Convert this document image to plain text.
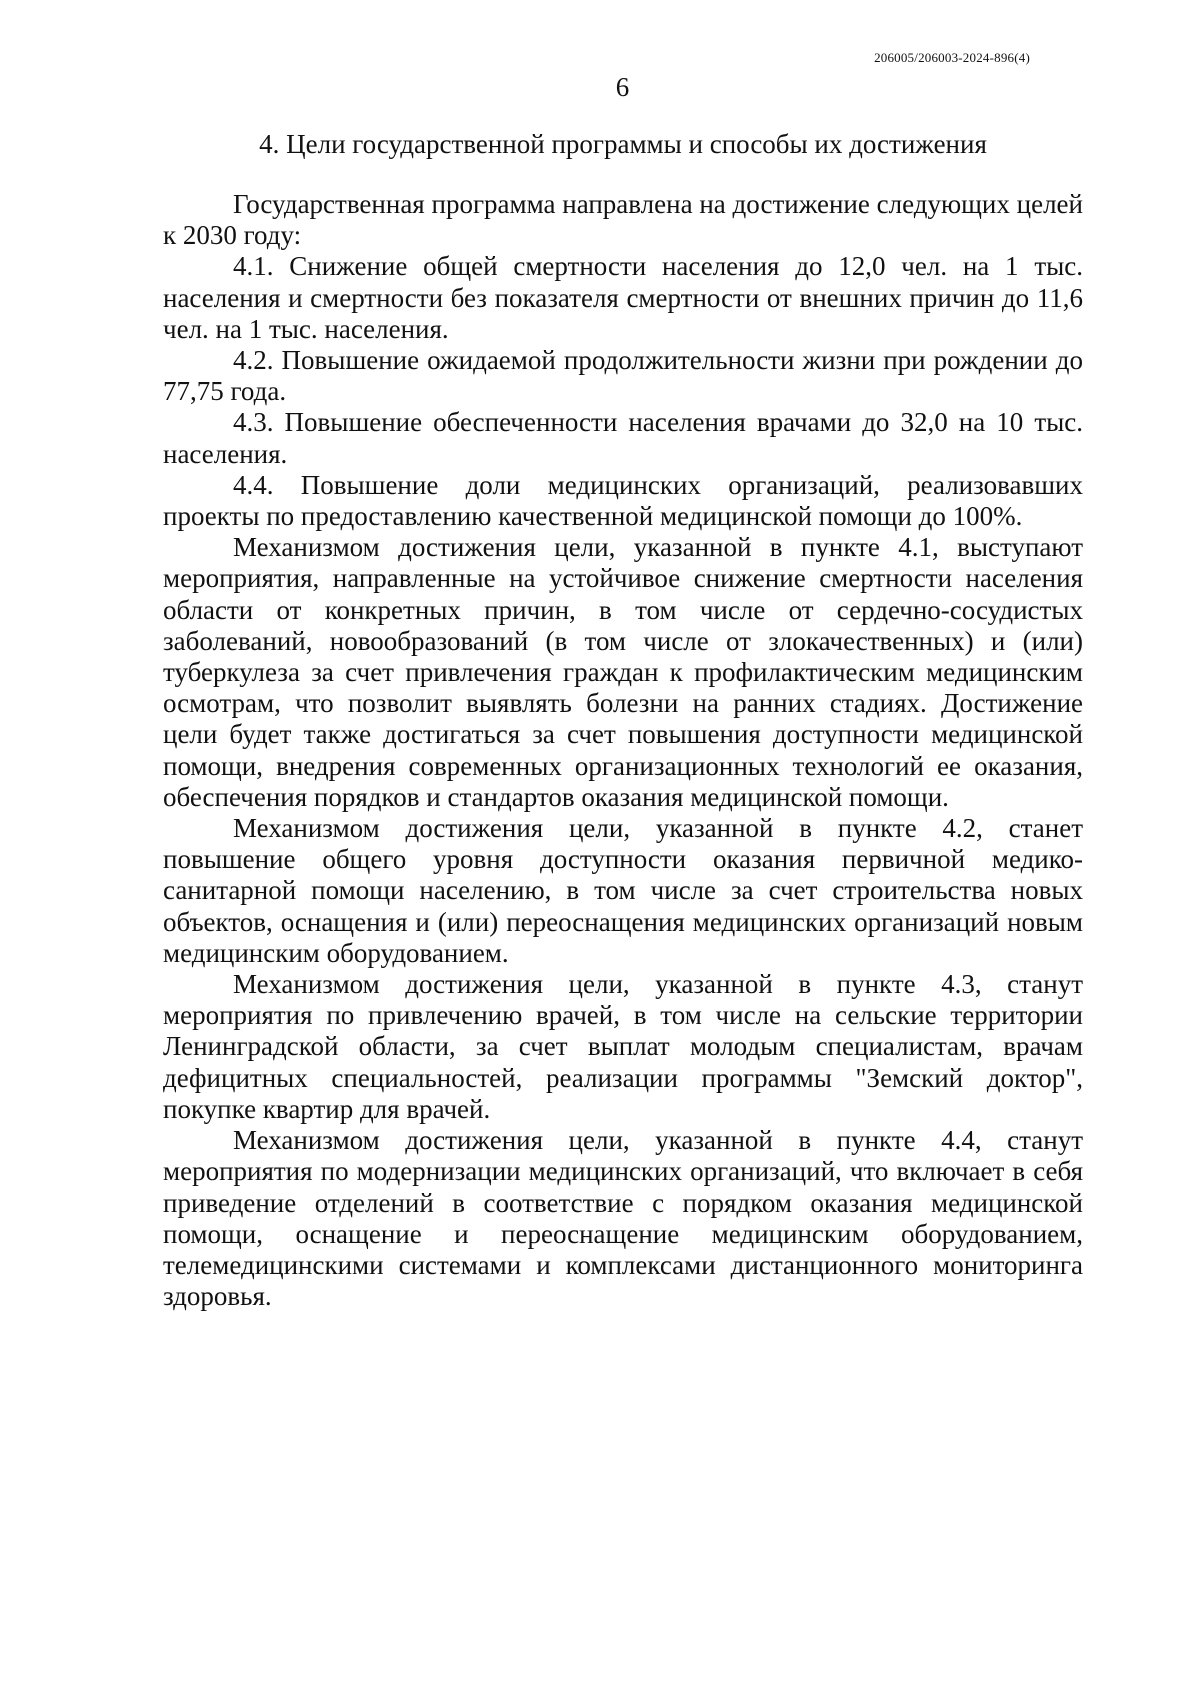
206005/206003-2024-896(4)
6
4. Цели государственной программы и способы их достижения

Государственная программа направлена на достижение следующих целей к 2030 году:

4.1. Снижение общей смертности населения до 12,0 чел. на 1 тыс. населения и смертности без показателя смертности от внешних причин до 11,6 чел. на 1 тыс. населения.

4.2. Повышение ожидаемой продолжительности жизни при рождении до 77,75 года.

4.3. Повышение обеспеченности населения врачами до 32,0 на 10 тыс. населения.

4.4. Повышение доли медицинских организаций, реализовавших проекты по предоставлению качественной медицинской помощи до 100%.

Механизмом достижения цели, указанной в пункте 4.1, выступают мероприятия, направленные на устойчивое снижение смертности населения области от конкретных причин, в том числе от сердечно-сосудистых заболеваний, новообразований (в том числе от злокачественных) и (или) туберкулеза за счет привлечения граждан к профилактическим медицинским осмотрам, что позволит выявлять болезни на ранних стадиях. Достижение цели будет также достигаться за счет повышения доступности медицинской помощи, внедрения современных организационных технологий ее оказания, обеспечения порядков и стандартов оказания медицинской помощи.

Механизмом достижения цели, указанной в пункте 4.2, станет повышение общего уровня доступности оказания первичной медико-санитарной помощи населению, в том числе за счет строительства новых объектов, оснащения и (или) переоснащения медицинских организаций новым медицинским оборудованием.

Механизмом достижения цели, указанной в пункте 4.3, станут мероприятия по привлечению врачей, в том числе на сельские территории Ленинградской области, за счет выплат молодым специалистам, врачам дефицитных специальностей, реализации программы "Земский доктор", покупке квартир для врачей.

Механизмом достижения цели, указанной в пункте 4.4, станут мероприятия по модернизации медицинских организаций, что включает в себя приведение отделений в соответствие с порядком оказания медицинской помощи, оснащение и переоснащение медицинским оборудованием, телемедицинскими системами и комплексами дистанционного мониторинга здоровья.
